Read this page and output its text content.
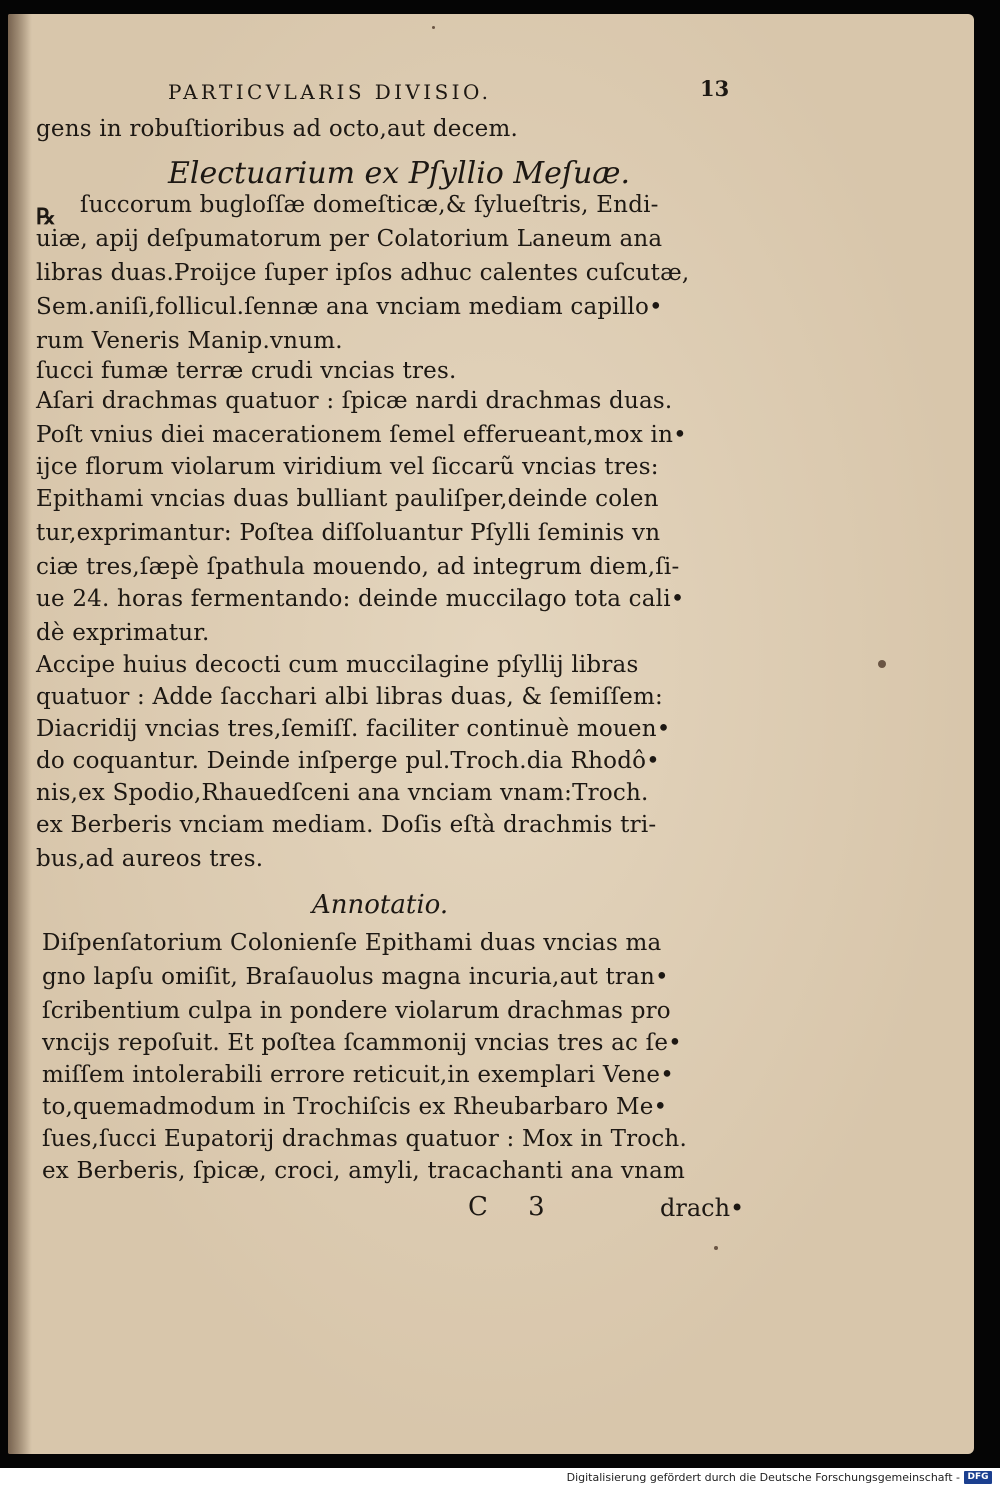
PARTICVLARIS DIVISIO.	13
gens in robuſtioribus ad octo,aut decem.
Electuarium ex Pſyllio Meſuæ.
℞ ſuccorum bugloſſæ domeſticæ,& ſylueſtris, Endi-
uiæ, apij deſpumatorum per Colatorium Laneum ana
libras duas.Proijce ſuper ipſos adhuc calentes cuſcutæ,
Sem.aniſi,follicul.ſennæ ana vnciam mediam capillo•
rum Veneris Manip.vnum.
ſucci fumæ terræ crudi vncias tres.
Aſari drachmas quatuor : ſpicæ nardi drachmas duas.
Poſt vnius diei macerationem ſemel efferueant,mox in•
ijce florum violarum viridium vel ſiccarũ vncias tres:
Epithami vncias duas bulliant pauliſper,deinde colen
tur,exprimantur: Poſtea diſſoluantur Pſylli ſeminis vn
ciæ tres,ſæpè ſpathula mouendo, ad integrum diem,ſi-
ue 24. horas fermentando: deinde muccilago tota cali•
dè exprimatur.
Accipe huius decocti cum muccilagine pſyllij libras
quatuor : Adde ſacchari albi libras duas, & ſemiſſem:
Diacridij vncias tres,ſemiſſ. faciliter continuè mouen•
do coquantur. Deinde inſperge pul.Troch.dia Rhodô•
nis,ex Spodio,Rhauedſceni ana vnciam vnam:Troch.
ex Berberis vnciam mediam. Doſis eſtà drachmis tri-
bus,ad aureos tres.
Annotatio.
Diſpenſatorium Colonienſe Epithami duas vncias ma
gno lapſu omiſit, Braſauolus magna incuria,aut tran•
ſcribentium culpa in pondere violarum drachmas pro
vncijs repoſuit. Et poſtea ſcammonij vncias tres ac ſe•
miſſem intolerabili errore reticuit,in exemplari Vene•
to,quemadmodum in Trochiſcis ex Rheubarbaro Me•
ſues,ſucci Eupatorij drachmas quatuor : Mox in Troch.
ex Berberis, ſpicæ, croci, amyli, tracachanti ana vnam
C 3	drach•
Digitalisierung gefördert durch die Deutsche Forschungsgemeinschaft - DFG
